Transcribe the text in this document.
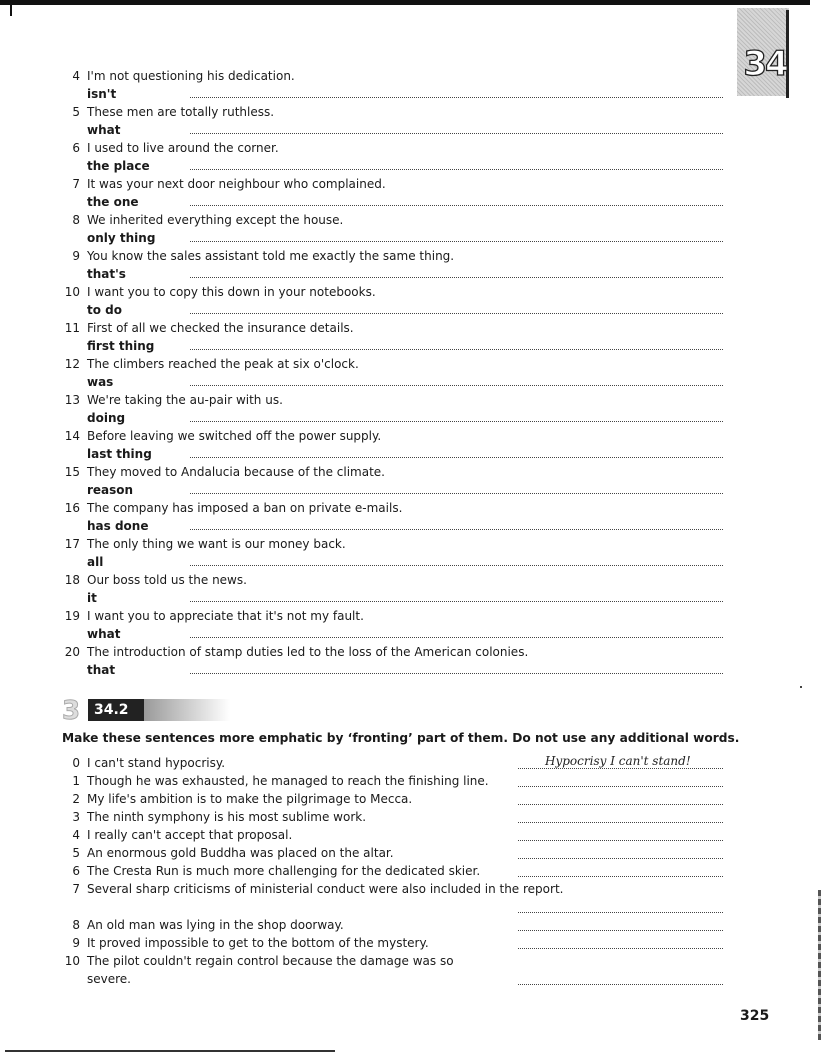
34
4 I'm not questioning his dedication.
isn't
5 These men are totally ruthless.
what
6 I used to live around the corner.
the place
7 It was your next door neighbour who complained.
the one
8 We inherited everything except the house.
only thing
9 You know the sales assistant told me exactly the same thing.
that's
10 I want you to copy this down in your notebooks.
to do
11 First of all we checked the insurance details.
first thing
12 The climbers reached the peak at six o'clock.
was
13 We're taking the au-pair with us.
doing
14 Before leaving we switched off the power supply.
last thing
15 They moved to Andalucia because of the climate.
reason
16 The company has imposed a ban on private e-mails.
has done
17 The only thing we want is our money back.
all
18 Our boss told us the news.
it
19 I want you to appreciate that it's not my fault.
what
20 The introduction of stamp duties led to the loss of the American colonies.
that
3 34.2
Make these sentences more emphatic by ‘fronting’ part of them. Do not use any additional words.
0 I can't stand hypocrisy.	Hypocrisy I can't stand!
1 Though he was exhausted, he managed to reach the finishing line.
2 My life's ambition is to make the pilgrimage to Mecca.
3 The ninth symphony is his most sublime work.
4 I really can't accept that proposal.
5 An enormous gold Buddha was placed on the altar.
6 The Cresta Run is much more challenging for the dedicated skier.
7 Several sharp criticisms of ministerial conduct were also included in the report.
8 An old man was lying in the shop doorway.
9 It proved impossible to get to the bottom of the mystery.
10 The pilot couldn't regain control because the damage was so severe.
325
